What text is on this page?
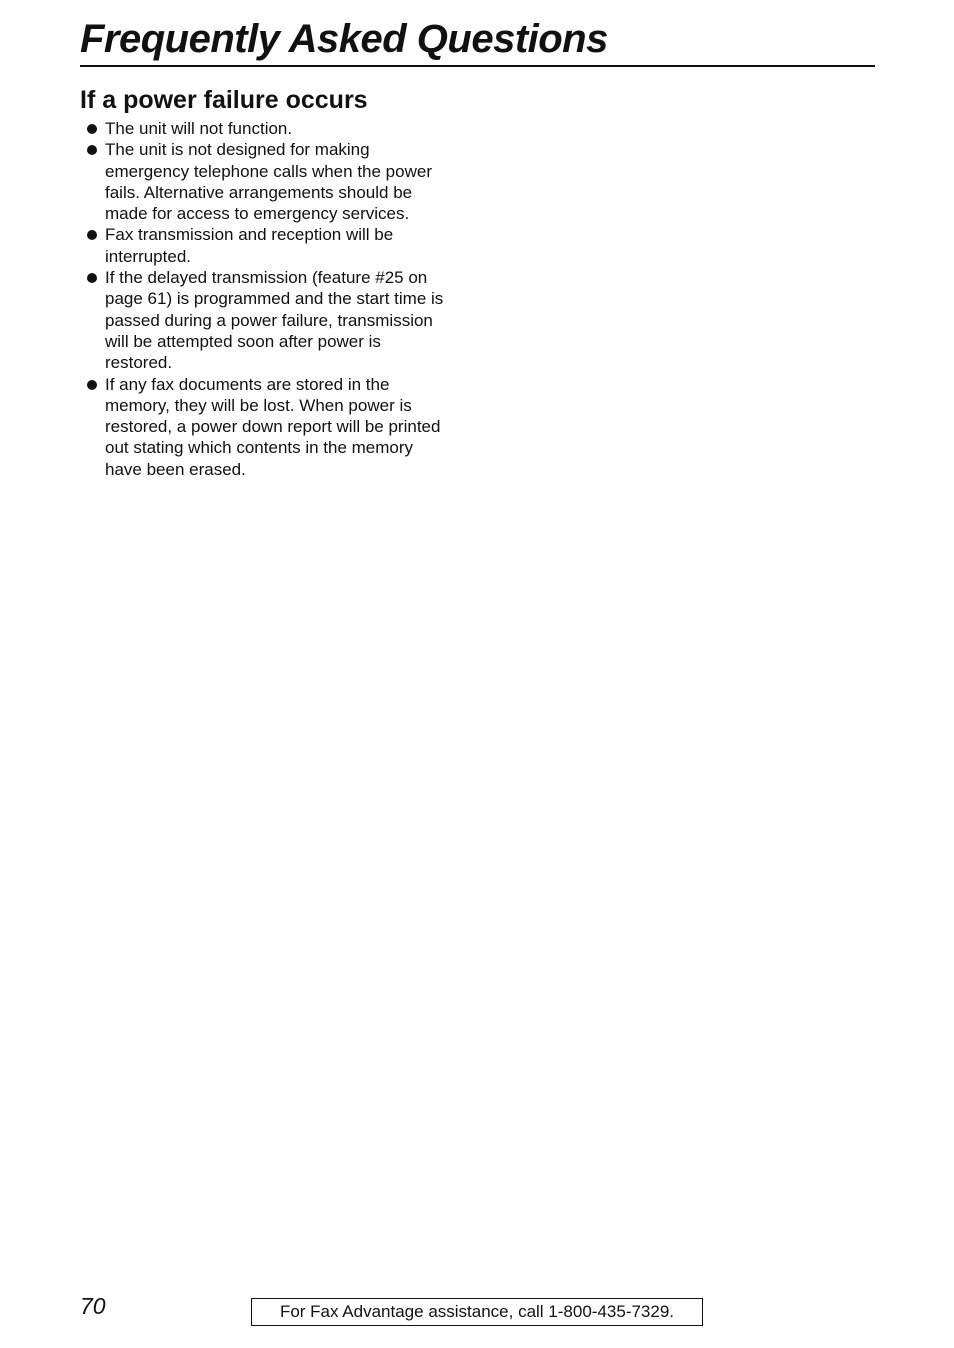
Frequently Asked Questions
If a power failure occurs
The unit will not function.
The unit is not designed for making
emergency telephone calls when the power
fails. Alternative arrangements should be
made for access to emergency services.
Fax transmission and reception will be
interrupted.
If the delayed transmission (feature #25 on
page 61) is programmed and the start time is
passed during a power failure, transmission
will be attempted soon after power is
restored.
If any fax documents are stored in the
memory, they will be lost. When power is
restored, a power down report will be printed
out stating which contents in the memory
have been erased.
70	For Fax Advantage assistance, call 1-800-435-7329.
